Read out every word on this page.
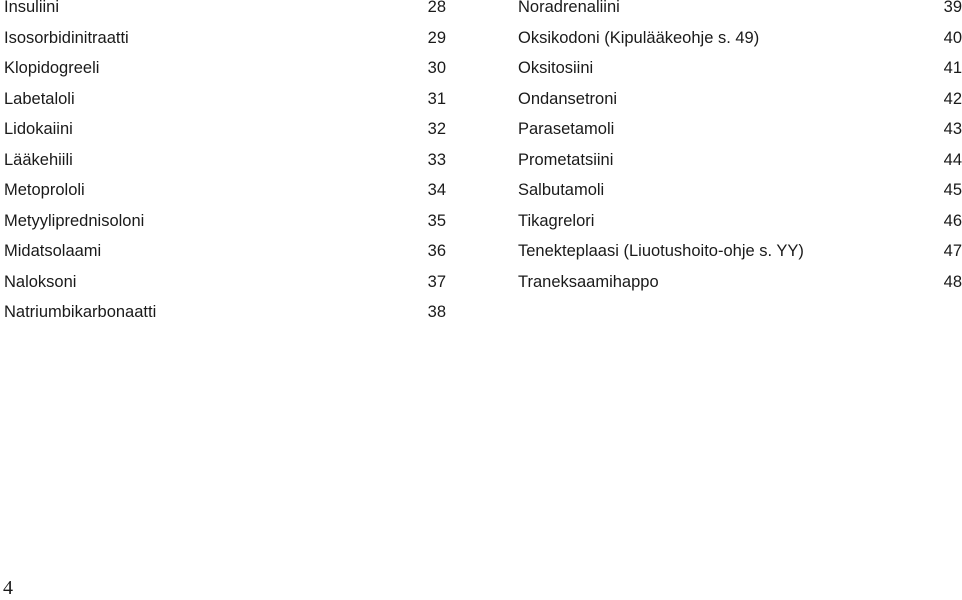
Insuliini	28
Isosorbidinitraatti	29
Klopidogreeli	30
Labetaloli	31
Lidokaiini	32
Lääkehiili	33
Metoprololi	34
Metyyliprednisoloni	35
Midatsolaami	36
Naloksoni	37
Natriumbikarbonaatti	38
Noradrenaliini	39
Oksikodoni (Kipulääkeohje s. 49)	40
Oksitosiini	41
Ondansetroni	42
Parasetamoli	43
Prometatsiini	44
Salbutamoli	45
Tikagrelori	46
Tenekteplaasi (Liuotushoito-ohje s. YY)	47
Traneksaamihappo	48
4
